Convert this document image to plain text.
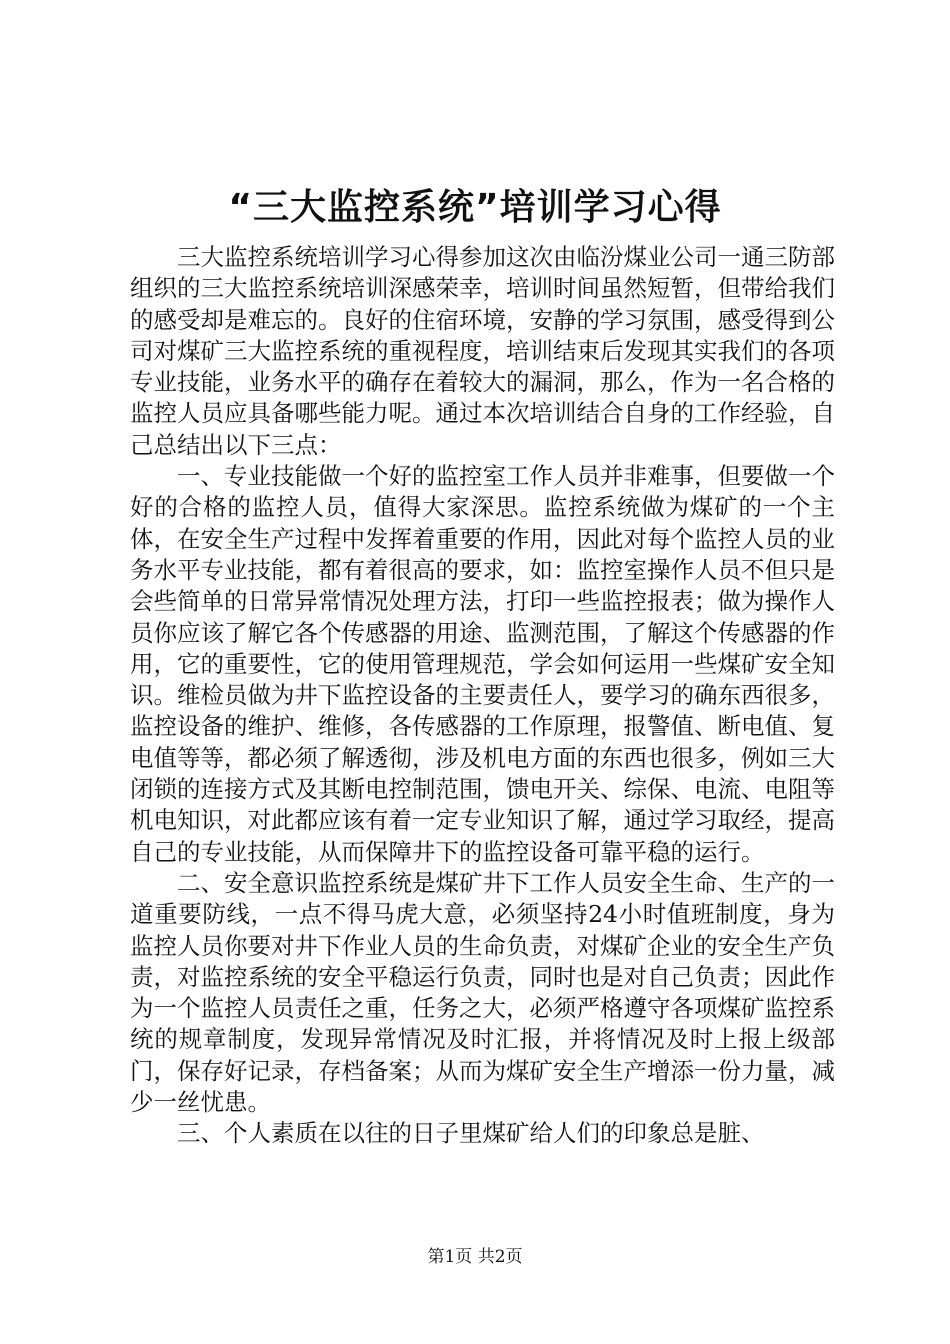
“三大监控系统”培训学习心得

三大监控系统培训学习心得参加这次由临汾煤业公司一通三防部组织的三大监控系统培训深感荣幸，培训时间虽然短暂，但带给我们的感受却是难忘的。良好的住宿环境，安静的学习氛围，感受得到公司对煤矿三大监控系统的重视程度，培训结束后发现其实我们的各项专业技能，业务水平的确存在着较大的漏洞，那么，作为一名合格的监控人员应具备哪些能力呢。通过本次培训结合自身的工作经验，自己总结出以下三点：

一、专业技能做一个好的监控室工作人员并非难事，但要做一个好的合格的监控人员，值得大家深思。监控系统做为煤矿的一个主体，在安全生产过程中发挥着重要的作用，因此对每个监控人员的业务水平专业技能，都有着很高的要求，如：监控室操作人员不但只是会些简单的日常异常情况处理方法，打印一些监控报表；做为操作人员你应该了解它各个传感器的用途、监测范围，了解这个传感器的作用，它的重要性，它的使用管理规范，学会如何运用一些煤矿安全知识。维检员做为井下监控设备的主要责任人，要学习的确东西很多，监控设备的维护、维修，各传感器的工作原理，报警值、断电值、复电值等等，都必须了解透彻，涉及机电方面的东西也很多，例如三大闭锁的连接方式及其断电控制范围，馈电开关、综保、电流、电阻等机电知识，对此都应该有着一定专业知识了解，通过学习取经，提高自己的专业技能，从而保障井下的监控设备可靠平稳的运行。

二、安全意识监控系统是煤矿井下工作人员安全生命、生产的一道重要防线，一点不得马虎大意，必须坚持24小时值班制度，身为监控人员你要对井下作业人员的生命负责，对煤矿企业的安全生产负责，对监控系统的安全平稳运行负责，同时也是对自己负责；因此作为一个监控人员责任之重，任务之大，必须严格遵守各项煤矿监控系统的规章制度，发现异常情况及时汇报，并将情况及时上报上级部门，保存好记录，存档备案；从而为煤矿安全生产增添一份力量，减少一丝忧患。

三、个人素质在以往的日子里煤矿给人们的印象总是脏、

第1页 共2页
